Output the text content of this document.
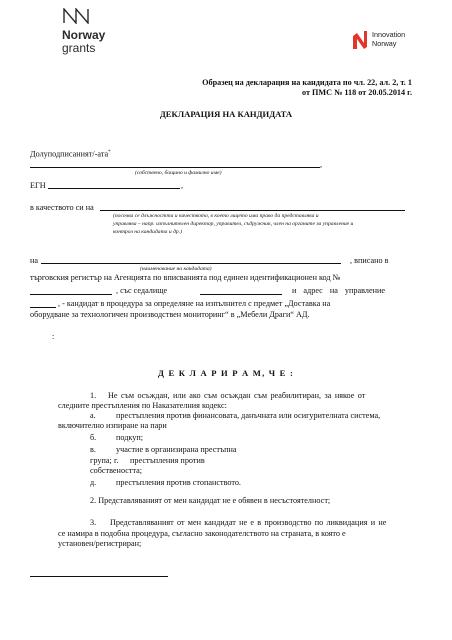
Norway
grants
Innovation
Norway
Образец на декларация на кандидата по чл. 22, ал. 2, т. 1
от ПМС № 118 от 20.05.2014 г.
ДЕКЛАРАЦИЯ НА КАНДИДАТА
Долуподписаният/-ата*
,
(собствено, бащино и фамилно име)
ЕГН	,
в качеството си на
(посочва се длъжността и качеството, в което лицето има право да представлява и
управлява – напр. изпълнителен директор, управител, съдружник, член на органите за управление и
контрол на кандидата и др.)
на	, вписано в
(наименование на кандидата)
търговския регистър на Агенцията по вписванията под единен идентификационен код №
, със седалище	и адрес на управление
, - кандидат в процедура за определяне на изпълнител с предмет „Доставка на
оборудване за технологичен производствен мониторинг“ в „Мебели Драги“ АД.
:
Д Е К Л А Р И Р А М, Ч Е :
1. Не съм осъждан, или ако съм осъждан съм реабилитиран, за някое от
следните престъпления по Наказателния кодекс:
а. престъпления против финансовата, данъчната или осигурителната система,
включително изпиране на пари
б. подкуп;
в. участие в организирана престъпна
група; г. престъпления против
собствеността;
д. престъпления против стопанството.
2. Представляваният от мен кандидат не е обявен в несъстоятелност;
3. Представляваният от мен кандидат не е в производство по ликвидация и не
се намира в подобна процедура, съгласно законодателството на страната, в която е
установен/регистриран;
